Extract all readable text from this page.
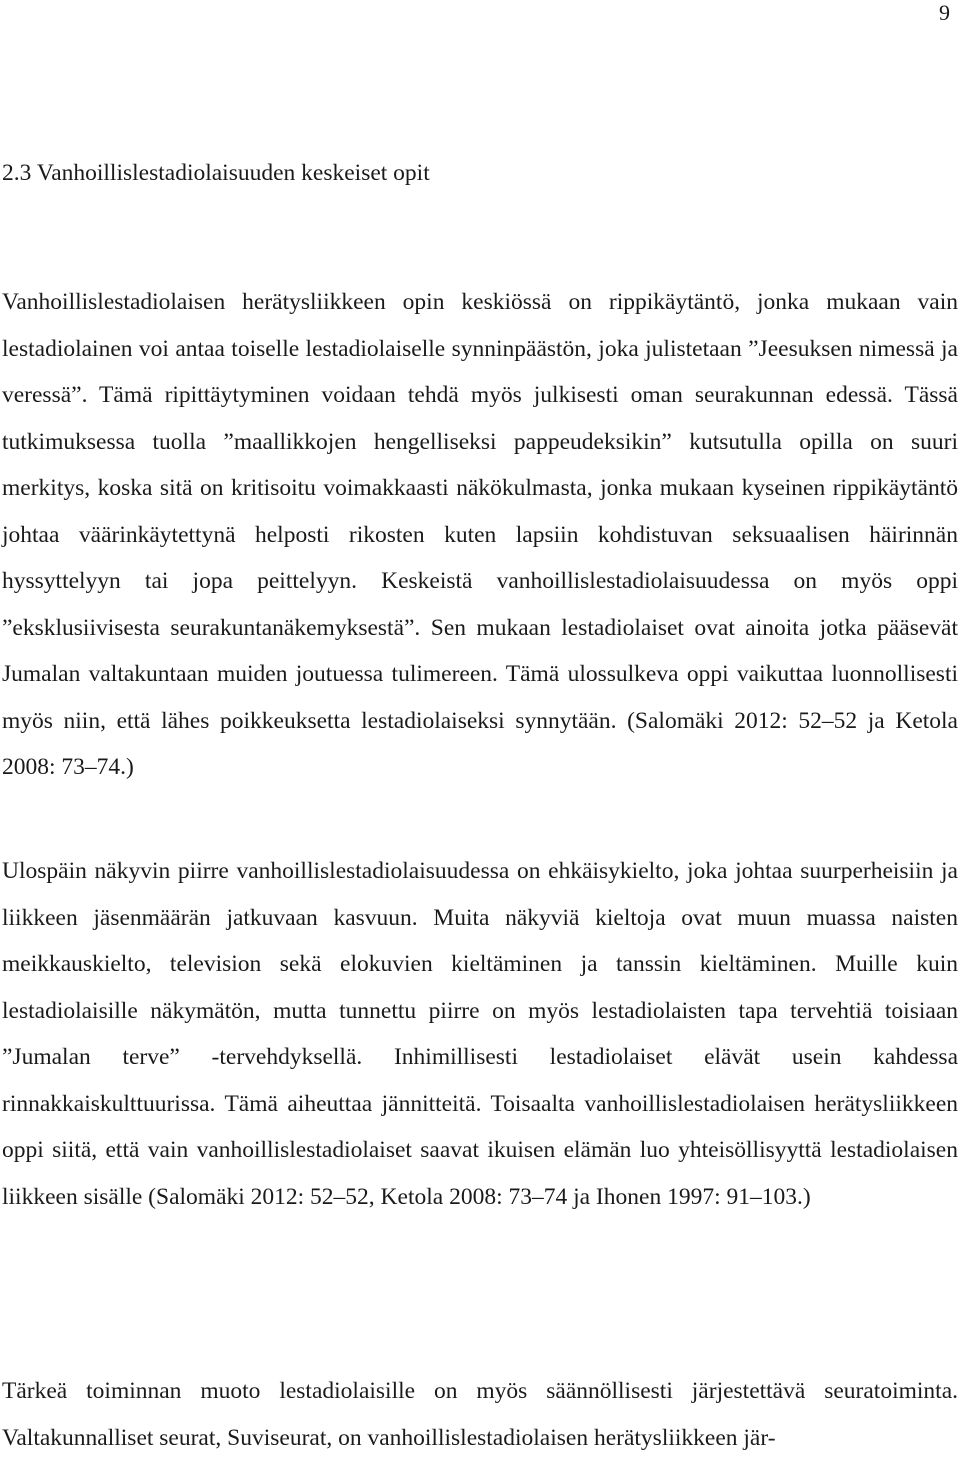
9
2.3 Vanhoillislestadiolaisuuden keskeiset opit

Vanhoillislestadiolaisen herätysliikkeen opin keskiössä on rippikäytäntö, jonka mukaan vain lestadiolainen voi antaa toiselle lestadiolaiselle synninpäästön, joka julistetaan ”Jeesuksen nimessä ja veressä”. Tämä ripittäytyminen voidaan tehdä myös julkisesti oman seurakunnan edessä. Tässä tutkimuksessa tuolla ”maallikkojen hengelliseksi pappeudeksikin” kutsutulla opilla on suuri merkitys, koska sitä on kritisoitu voimakkaasti näkökulmasta, jonka mukaan kyseinen rippikäytäntö johtaa väärinkäytettynä helposti rikosten kuten lapsiin kohdistuvan seksuaalisen häirinnän hyssyttelyyn tai jopa peittelyyn. Keskeistä vanhoillislestadiolaisuudessa on myös oppi ”eksklusiivisesta seurakuntanäkemyksestä”. Sen mukaan lestadiolaiset ovat ainoita jotka pääsevät Jumalan valtakuntaan muiden joutuessa tulimereen. Tämä ulossulkeva oppi vaikuttaa luonnollisesti myös niin, että lähes poikkeuksetta lestadiolaiseksi synnytään. (Salomäki 2012: 52–52 ja Ketola 2008: 73–74.)

Ulospäin näkyvin piirre vanhoillislestadiolaisuudessa on ehkäisykielto, joka johtaa suurperheisiin ja liikkeen jäsenmäärän jatkuvaan kasvuun. Muita näkyviä kieltoja ovat muun muassa naisten meikkauskielto, television sekä elokuvien kieltäminen ja tanssin kieltäminen. Muille kuin lestadiolaisille näkymätön, mutta tunnettu piirre on myös lestadiolaisten tapa tervehtiä toisiaan ”Jumalan terve” -tervehdyksellä. Inhimillisesti lestadiolaiset elävät usein kahdessa rinnakkaiskulttuurissa. Tämä aiheuttaa jännitteitä. Toisaalta vanhoillislestadiolaisen herätysliikkeen oppi siitä, että vain vanhoillislestadiolaiset saavat ikuisen elämän luo yhteisöllisyyttä lestadiolaisen liikkeen sisälle (Salomäki 2012: 52–52, Ketola 2008: 73–74 ja Ihonen 1997: 91–103.)

Tärkeä toiminnan muoto lestadiolaisille on myös säännöllisesti järjestettävä seuratoiminta. Valtakunnalliset seurat, Suviseurat, on vanhoillislestadiolaisen herätysliikkeen jär-
